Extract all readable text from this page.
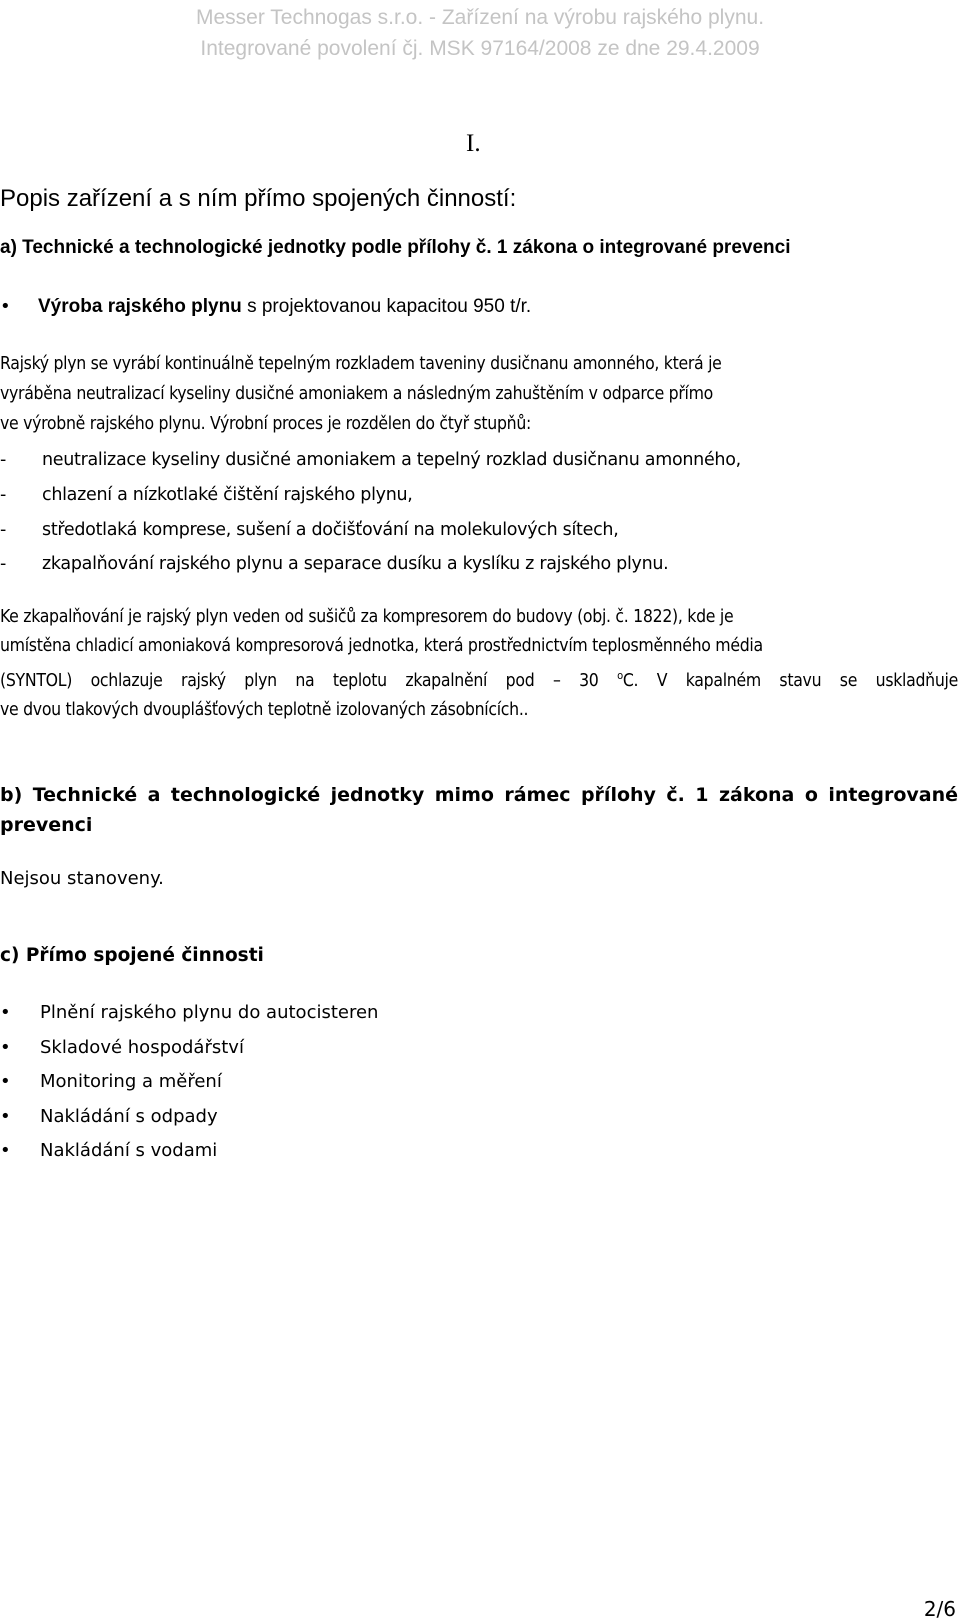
Messer Technogas s.r.o. - Zařízení na výrobu rajského plynu.
Integrované povolení čj. MSK 97164/2008 ze dne 29.4.2009
I.
Popis zařízení a s ním přímo spojených činností:
a) Technické a technologické jednotky podle přílohy č. 1 zákona o integrované prevenci
• Výroba rajského plynu s projektovanou kapacitou 950 t/r.
Rajský plyn se vyrábí kontinuálně tepelným rozkladem taveniny dusičnanu amonného, která je
vyráběna neutralizací kyseliny dusičné amoniakem a následným zahuštěním v odparce přímo
ve výrobně rajského plynu. Výrobní proces je rozdělen do čtyř stupňů:
- neutralizace kyseliny dusičné amoniakem a tepelný rozklad dusičnanu amonného,
- chlazení a nízkotlaké čištění rajského plynu,
- středotlaká komprese, sušení a dočišťování na molekulových sítech,
- zkapalňování rajského plynu a separace dusíku a kyslíku z rajského plynu.
Ke zkapalňování je rajský plyn veden od sušičů za kompresorem do budovy (obj. č. 1822), kde je
umístěna chladicí amoniaková kompresorová jednotka, která prostřednictvím teplosměnného média
(SYNTOL) ochlazuje rajský plyn na teplotu zkapalnění pod – 30 $^o$C. V kapalném stavu se uskladňuje
ve dvou tlakových dvouplášťových teplotně izolovaných zásobnících..
b) Technické a technologické jednotky mimo rámec přílohy č. 1 zákona o integrované
prevenci
Nejsou stanoveny.
c) Přímo spojené činnosti
• Plnění rajského plynu do autocisteren
• Skladové hospodářství
• Monitoring a měření
• Nakládání s odpady
• Nakládání s vodami
2/6
